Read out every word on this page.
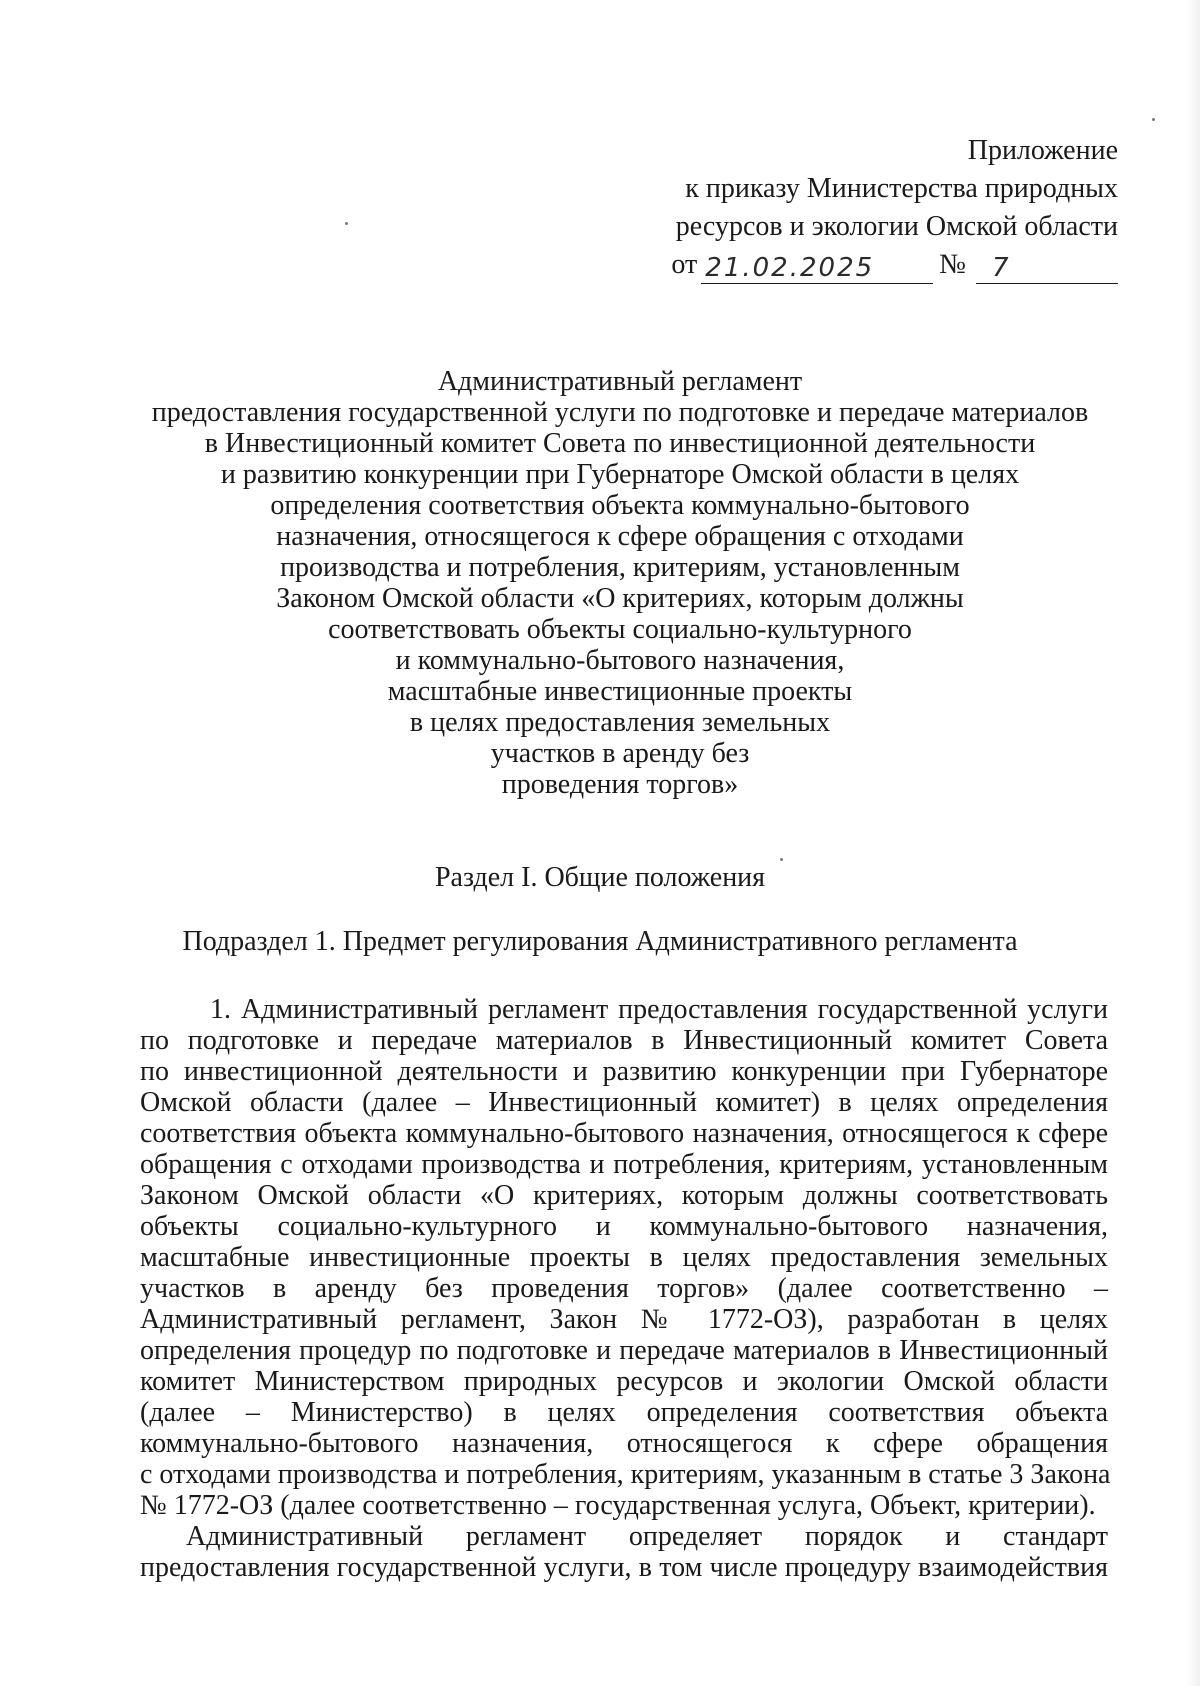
Приложение
к приказу Министерства природных
ресурсов и экологии Омской области
от 21.02.2025	№	7
Административный регламент
предоставления государственной услуги по подготовке и передаче материалов
в Инвестиционный комитет Совета по инвестиционной деятельности
и развитию конкуренции при Губернаторе Омской области в целях
определения соответствия объекта коммунально-бытового
назначения, относящегося к сфере обращения с отходами
производства и потребления, критериям, установленным
Законом Омской области «О критериях, которым должны
соответствовать объекты социально-культурного
и коммунально-бытового назначения,
масштабные инвестиционные проекты
в целях предоставления земельных
участков в аренду без
проведения торгов»
Раздел I. Общие положения
Подраздел 1. Предмет регулирования Административного регламента
1. Административный регламент предоставления государственной услуги
по подготовке и передаче материалов в Инвестиционный комитет Совета
по инвестиционной деятельности и развитию конкуренции при Губернаторе
Омской области (далее – Инвестиционный комитет) в целях определения
соответствия объекта коммунально-бытового назначения, относящегося к сфере
обращения с отходами производства и потребления, критериям, установленным
Законом Омской области «О критериях, которым должны соответствовать
объекты социально-культурного и коммунально-бытового назначения,
масштабные инвестиционные проекты в целях предоставления земельных
участков в аренду без проведения торгов» (далее соответственно –
Административный регламент, Закон № 1772-ОЗ), разработан в целях
определения процедур по подготовке и передаче материалов в Инвестиционный
комитет Министерством природных ресурсов и экологии Омской области
(далее – Министерство) в целях определения соответствия объекта
коммунально-бытового назначения, относящегося к сфере обращения
с отходами производства и потребления, критериям, указанным в статье 3 Закона
№ 1772-ОЗ (далее соответственно – государственная услуга, Объект, критерии).
Административный регламент определяет порядок и стандарт
предоставления государственной услуги, в том числе процедуру взаимодействия
